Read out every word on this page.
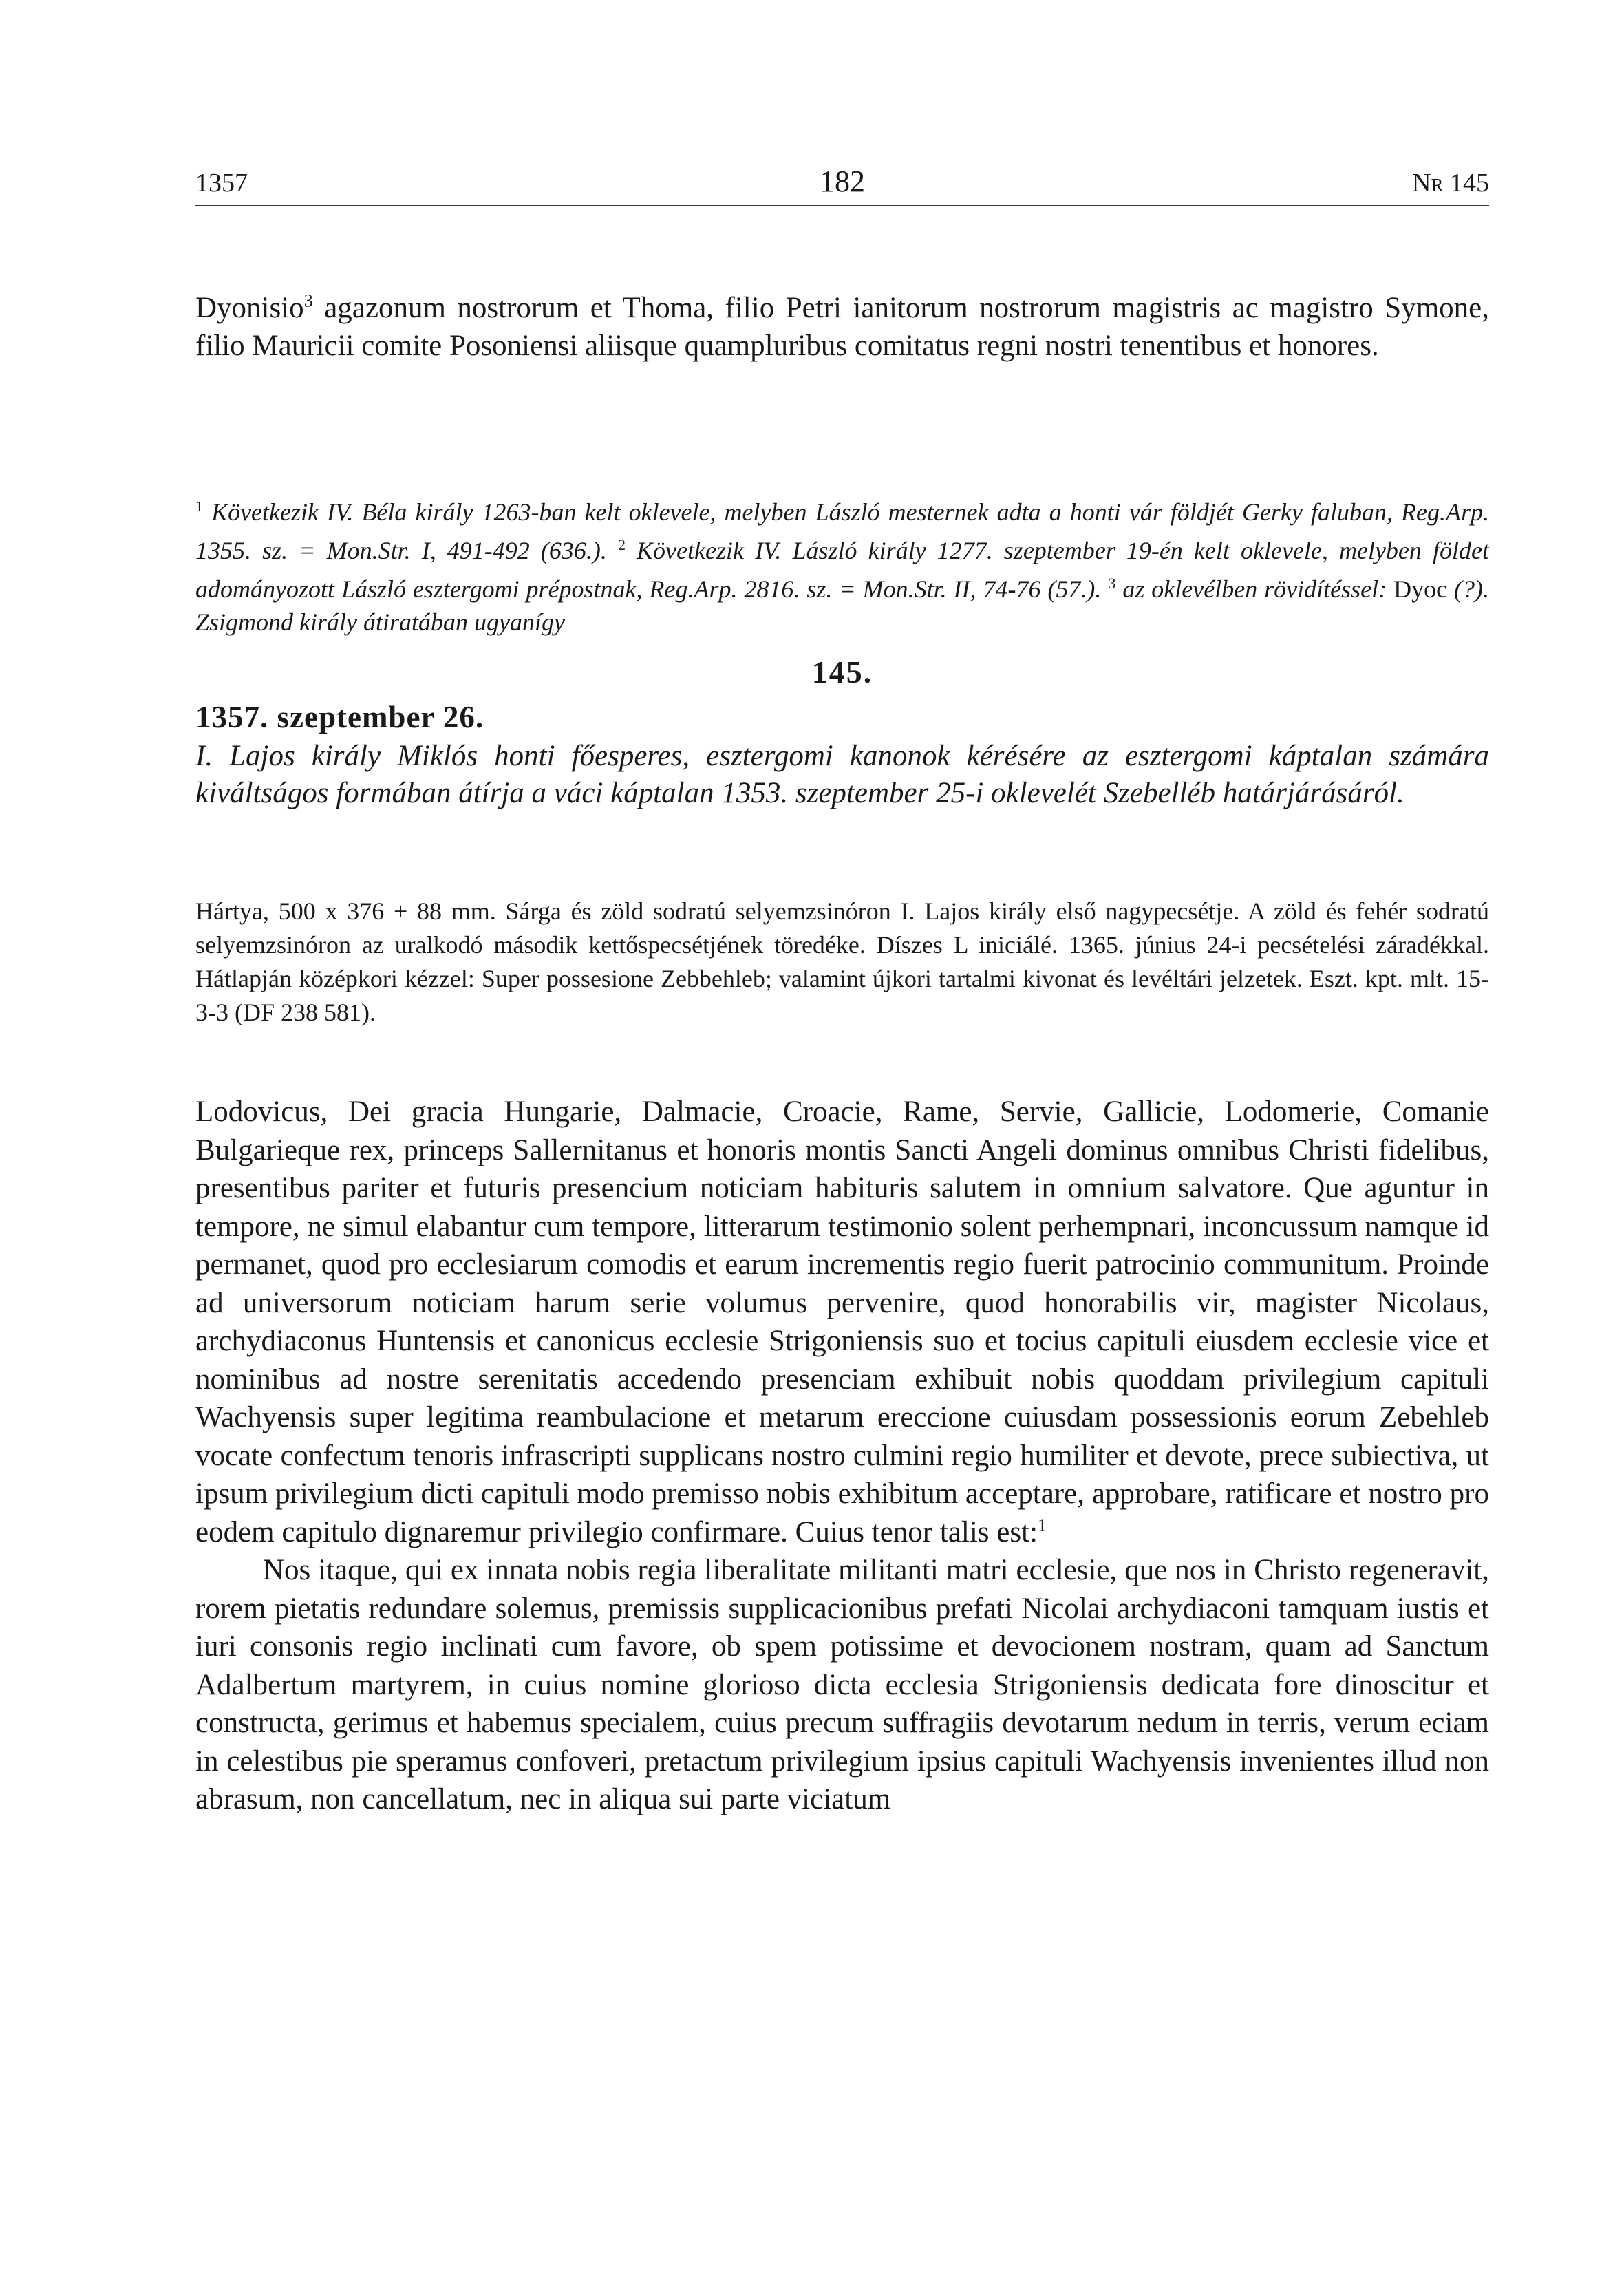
1357	182	Nr 145
Dyonisio$^3$ agazonum nostrorum et Thoma, filio Petri ianitorum nostrorum magistris ac magistro Symone, filio Mauricii comite Posoniensi aliisque quampluribus comitatus regni nostri tenentibus et honores.
$^1$ Következik IV. Béla király 1263-ban kelt oklevele, melyben László mesternek adta a honti vár földjét Gerky faluban, Reg.Arp. 1355. sz. = Mon.Str. I, 491-492 (636.). $^2$ Következik IV. László király 1277. szeptember 19-én kelt oklevele, melyben földet adományozott László esztergomi prépostnak, Reg.Arp. 2816. sz. = Mon.Str. II, 74-76 (57.). $^3$ az oklevélben rövidítéssel: Dyoc (?). Zsigmond király átiratában ugyanígy
145.
1357. szeptember 26.
I. Lajos király Miklós honti főesperes, esztergomi kanonok kérésére az esztergomi káptalan számára kiváltságos formában átírja a váci káptalan 1353. szeptember 25-i oklevelét Szebelléb határjárásáról.
Hártya, 500 x 376 + 88 mm. Sárga és zöld sodratú selyemzsinóron I. Lajos király első nagypecsétje. A zöld és fehér sodratú selyemzsinóron az uralkodó második kettőspecsétjének töredéke. Díszes L iniciálé. 1365. június 24-i pecsételési záradékkal. Hátlapján középkori kézzel: Super possesione Zebbehleb; valamint újkori tartalmi kivonat és levéltári jelzetek. Eszt. kpt. mlt. 15-3-3 (DF 238 581).

Lodovicus, Dei gracia Hungarie, Dalmacie, Croacie, Rame, Servie, Gallicie, Lodomerie, Comanie Bulgarieque rex, princeps Sallernitanus et honoris montis Sancti Angeli dominus omnibus Christi fidelibus, presentibus pariter et futuris presencium noticiam habituris salutem in omnium salvatore. Que aguntur in tempore, ne simul elabantur cum tempore, litterarum testimonio solent perhempnari, inconcussum namque id permanet, quod pro ecclesiarum comodis et earum incrementis regio fuerit patrocinio communitum. Proinde ad universorum noticiam harum serie volumus pervenire, quod honorabilis vir, magister Nicolaus, archydiaconus Huntensis et canonicus ecclesie Strigoniensis suo et tocius capituli eiusdem ecclesie vice et nominibus ad nostre serenitatis accedendo presenciam exhibuit nobis quoddam privilegium capituli Wachyensis super legitima reambulacione et metarum ereccione cuiusdam possessionis eorum Zebehleb vocate confectum tenoris infrascripti supplicans nostro culmini regio humiliter et devote, prece subiectiva, ut ipsum privilegium dicti capituli modo premisso nobis exhibitum acceptare, approbare, ratificare et nostro pro eodem capitulo dignaremur privilegio confirmare. Cuius tenor talis est:$^1$

Nos itaque, qui ex innata nobis regia liberalitate militanti matri ecclesie, que nos in Christo regeneravit, rorem pietatis redundare solemus, premissis supplicacionibus prefati Nicolai archydiaconi tamquam iustis et iuri consonis regio inclinati cum favore, ob spem potissime et devocionem nostram, quam ad Sanctum Adalbertum martyrem, in cuius nomine glorioso dicta ecclesia Strigoniensis dedicata fore dinoscitur et constructa, gerimus et habemus specialem, cuius precum suffragiis devotarum nedum in terris, verum eciam in celestibus pie speramus confoveri, pretactum privilegium ipsius capituli Wachyensis invenientes illud non abrasum, non cancellatum, nec in aliqua sui parte viciatum
